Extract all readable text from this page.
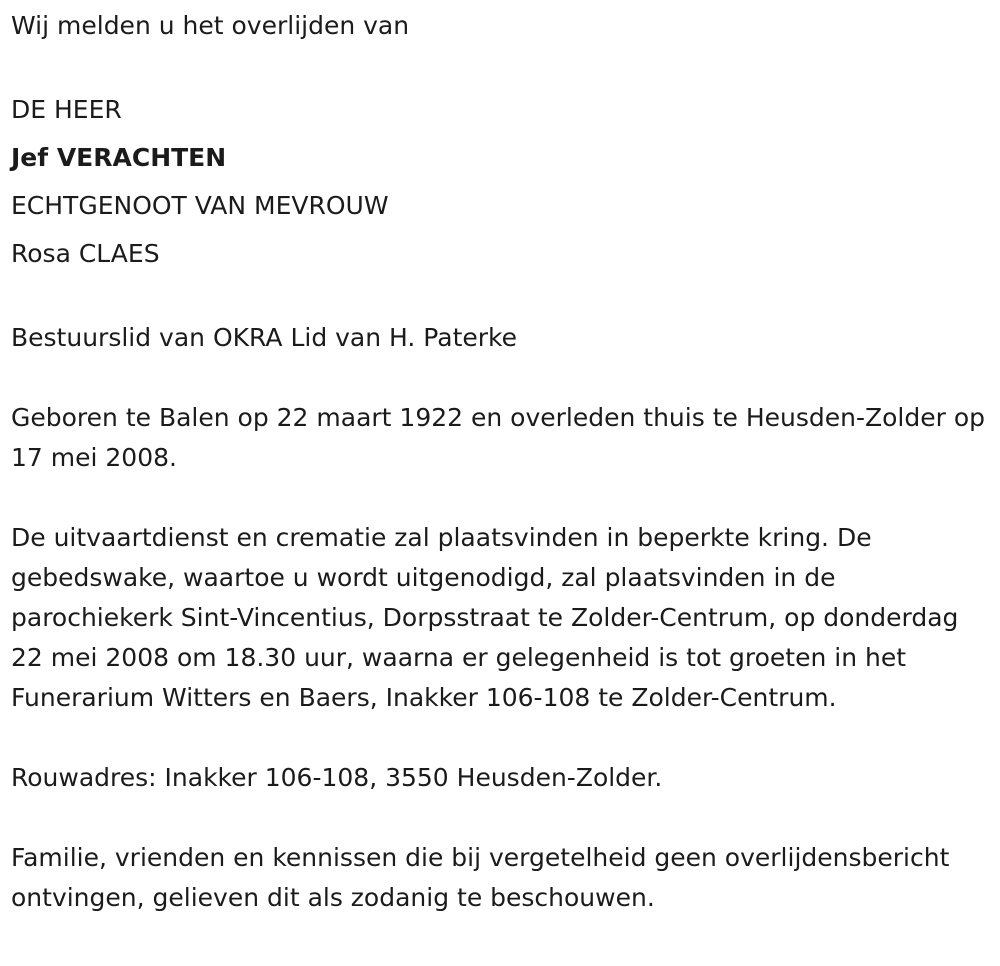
Wij melden u het overlijden van

DE HEER

Jef VERACHTEN

ECHTGENOOT VAN MEVROUW

Rosa CLAES

Bestuurslid van OKRA Lid van H. Paterke

Geboren te Balen op 22 maart 1922 en overleden thuis te Heusden-Zolder op 17 mei 2008.

De uitvaartdienst en crematie zal plaatsvinden in beperkte kring. De gebedswake, waartoe u wordt uitgenodigd, zal plaatsvinden in de parochiekerk Sint-Vincentius, Dorpsstraat te Zolder-Centrum, op donderdag 22 mei 2008 om 18.30 uur, waarna er gelegenheid is tot groeten in het Funerarium Witters en Baers, Inakker 106-108 te Zolder-Centrum.

Rouwadres: Inakker 106-108, 3550 Heusden-Zolder.

Familie, vrienden en kennissen die bij vergetelheid geen overlijdensbericht ontvingen, gelieven dit als zodanig te beschouwen.
